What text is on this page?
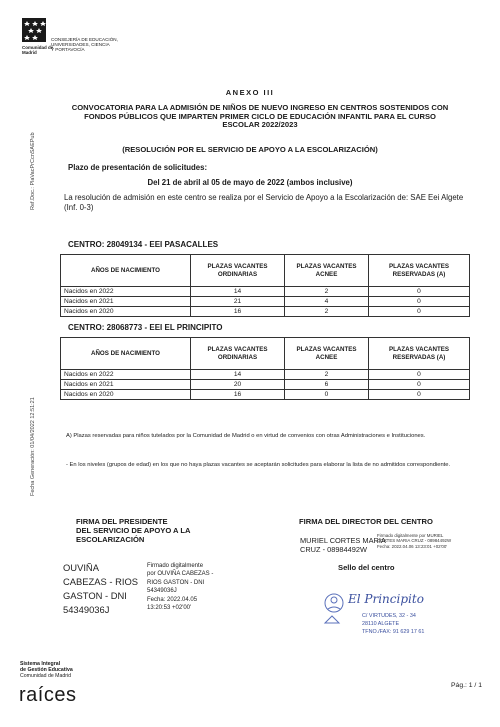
Comunidad de Madrid
CONSEJERÍA DE EDUCACIÓN,
UNIVERSIDADES, CIENCIA
Y PORTAVOCÍA
Ref.Doc.: PlaVacPrCcnSAEPub
Fecha Generación: 01/04/2022 12:51:21
ANEXO III
CONVOCATORIA PARA LA ADMISIÓN DE NIÑOS DE NUEVO INGRESO EN CENTROS SOSTENIDOS CON FONDOS PÚBLICOS QUE IMPARTEN PRIMER CICLO DE EDUCACIÓN INFANTIL PARA EL CURSO ESCOLAR 2022/2023
(RESOLUCIÓN POR EL SERVICIO DE APOYO A LA ESCOLARIZACIÓN)
Plazo de presentación de solicitudes:
Del 21 de abril al 05 de mayo de 2022 (ambos inclusive)
La resolución de admisión en este centro se realiza por el Servicio de Apoyo a la Escolarización de: SAE Eei Algete (Inf. 0-3)
CENTRO: 28049134 - EEI PASACALLES
AÑOS DE NACIMIENTO	PLAZAS VACANTES ORDINARIAS	PLAZAS VACANTES ACNEE	PLAZAS VACANTES RESERVADAS (A)
Nacidos en 2022	14	2	0
Nacidos en 2021	21	4	0
Nacidos en 2020	16	2	0
CENTRO: 28068773 - EEI EL PRINCIPITO
AÑOS DE NACIMIENTO	PLAZAS VACANTES ORDINARIAS	PLAZAS VACANTES ACNEE	PLAZAS VACANTES RESERVADAS (A)
Nacidos en 2022	14	2	0
Nacidos en 2021	20	6	0
Nacidos en 2020	16	0	0
A) Plazas reservadas para niños tutelados por la Comunidad de Madrid o en virtud de convenios con otras Administraciones e Instituciones.
- En los niveles (grupos de edad) en los que no haya plazas vacantes se aceptarán solicitudes para elaborar la lista de no admitidos correspondiente.
FIRMA DEL PRESIDENTE
DEL SERVICIO DE APOYO A LA
ESCOLARIZACIÓN
OUVIÑA
CABEZAS - RIOS
GASTON - DNI
54349036J
Firmado digitalmente
por OUVIÑA CABEZAS -
RIOS GASTON - DNI
54349036J
Fecha: 2022.04.05
13:20:53 +02'00'
FIRMA DEL DIRECTOR DEL CENTRO
MURIEL CORTES MARIA
CRUZ - 08984492W
Firmado digitalmente por MURIEL
CORTES MARIA CRUZ - 08984492W
Fecha: 2022.04.06 13:23:01 +02'00'
Sello del centro
El Principito
C/ VIRTUDES, 32 - 34
28110 ALGETE
TFNO./FAX: 91 629 17 61
Sistema Integral
de Gestión Educativa
Comunidad de Madrid
raíces	Pág.: 1 / 1
